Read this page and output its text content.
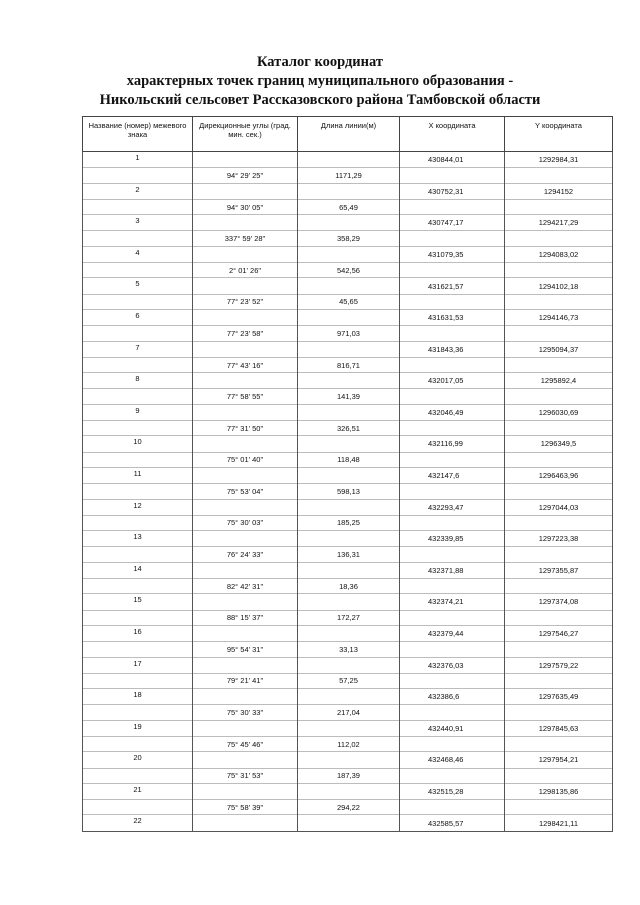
Каталог координат
характерных точек границ муниципального образования -
Никольский сельсовет Рассказовского района Тамбовской области
Название (номер) межевого знака	Дирекционные углы (град. мин. сек.)	Длина линии(м)	X координата	Y координата
1			430844,01	1292984,31
	94° 29' 25"	1171,29		
2			430752,31	1294152
	94° 30' 05"	65,49		
3			430747,17	1294217,29
	337° 59' 28"	358,29		
4			431079,35	1294083,02
	2° 01' 26"	542,56		
5			431621,57	1294102,18
	77° 23' 52"	45,65		
6			431631,53	1294146,73
	77° 23' 58"	971,03		
7			431843,36	1295094,37
	77° 43' 16"	816,71		
8			432017,05	1295892,4
	77° 58' 55"	141,39		
9			432046,49	1296030,69
	77° 31' 50"	326,51		
10			432116,99	1296349,5
	75° 01' 40"	118,48		
11			432147,6	1296463,96
	75° 53' 04"	598,13		
12			432293,47	1297044,03
	75° 30' 03"	185,25		
13			432339,85	1297223,38
	76° 24' 33"	136,31		
14			432371,88	1297355,87
	82° 42' 31"	18,36		
15			432374,21	1297374,08
	88° 15' 37"	172,27		
16			432379,44	1297546,27
	95° 54' 31"	33,13		
17			432376,03	1297579,22
	79° 21' 41"	57,25		
18			432386,6	1297635,49
	75° 30' 33"	217,04		
19			432440,91	1297845,63
	75° 45' 46"	112,02		
20			432468,46	1297954,21
	75° 31' 53"	187,39		
21			432515,28	1298135,86
	75° 58' 39"	294,22		
22			432585,57	1298421,11
